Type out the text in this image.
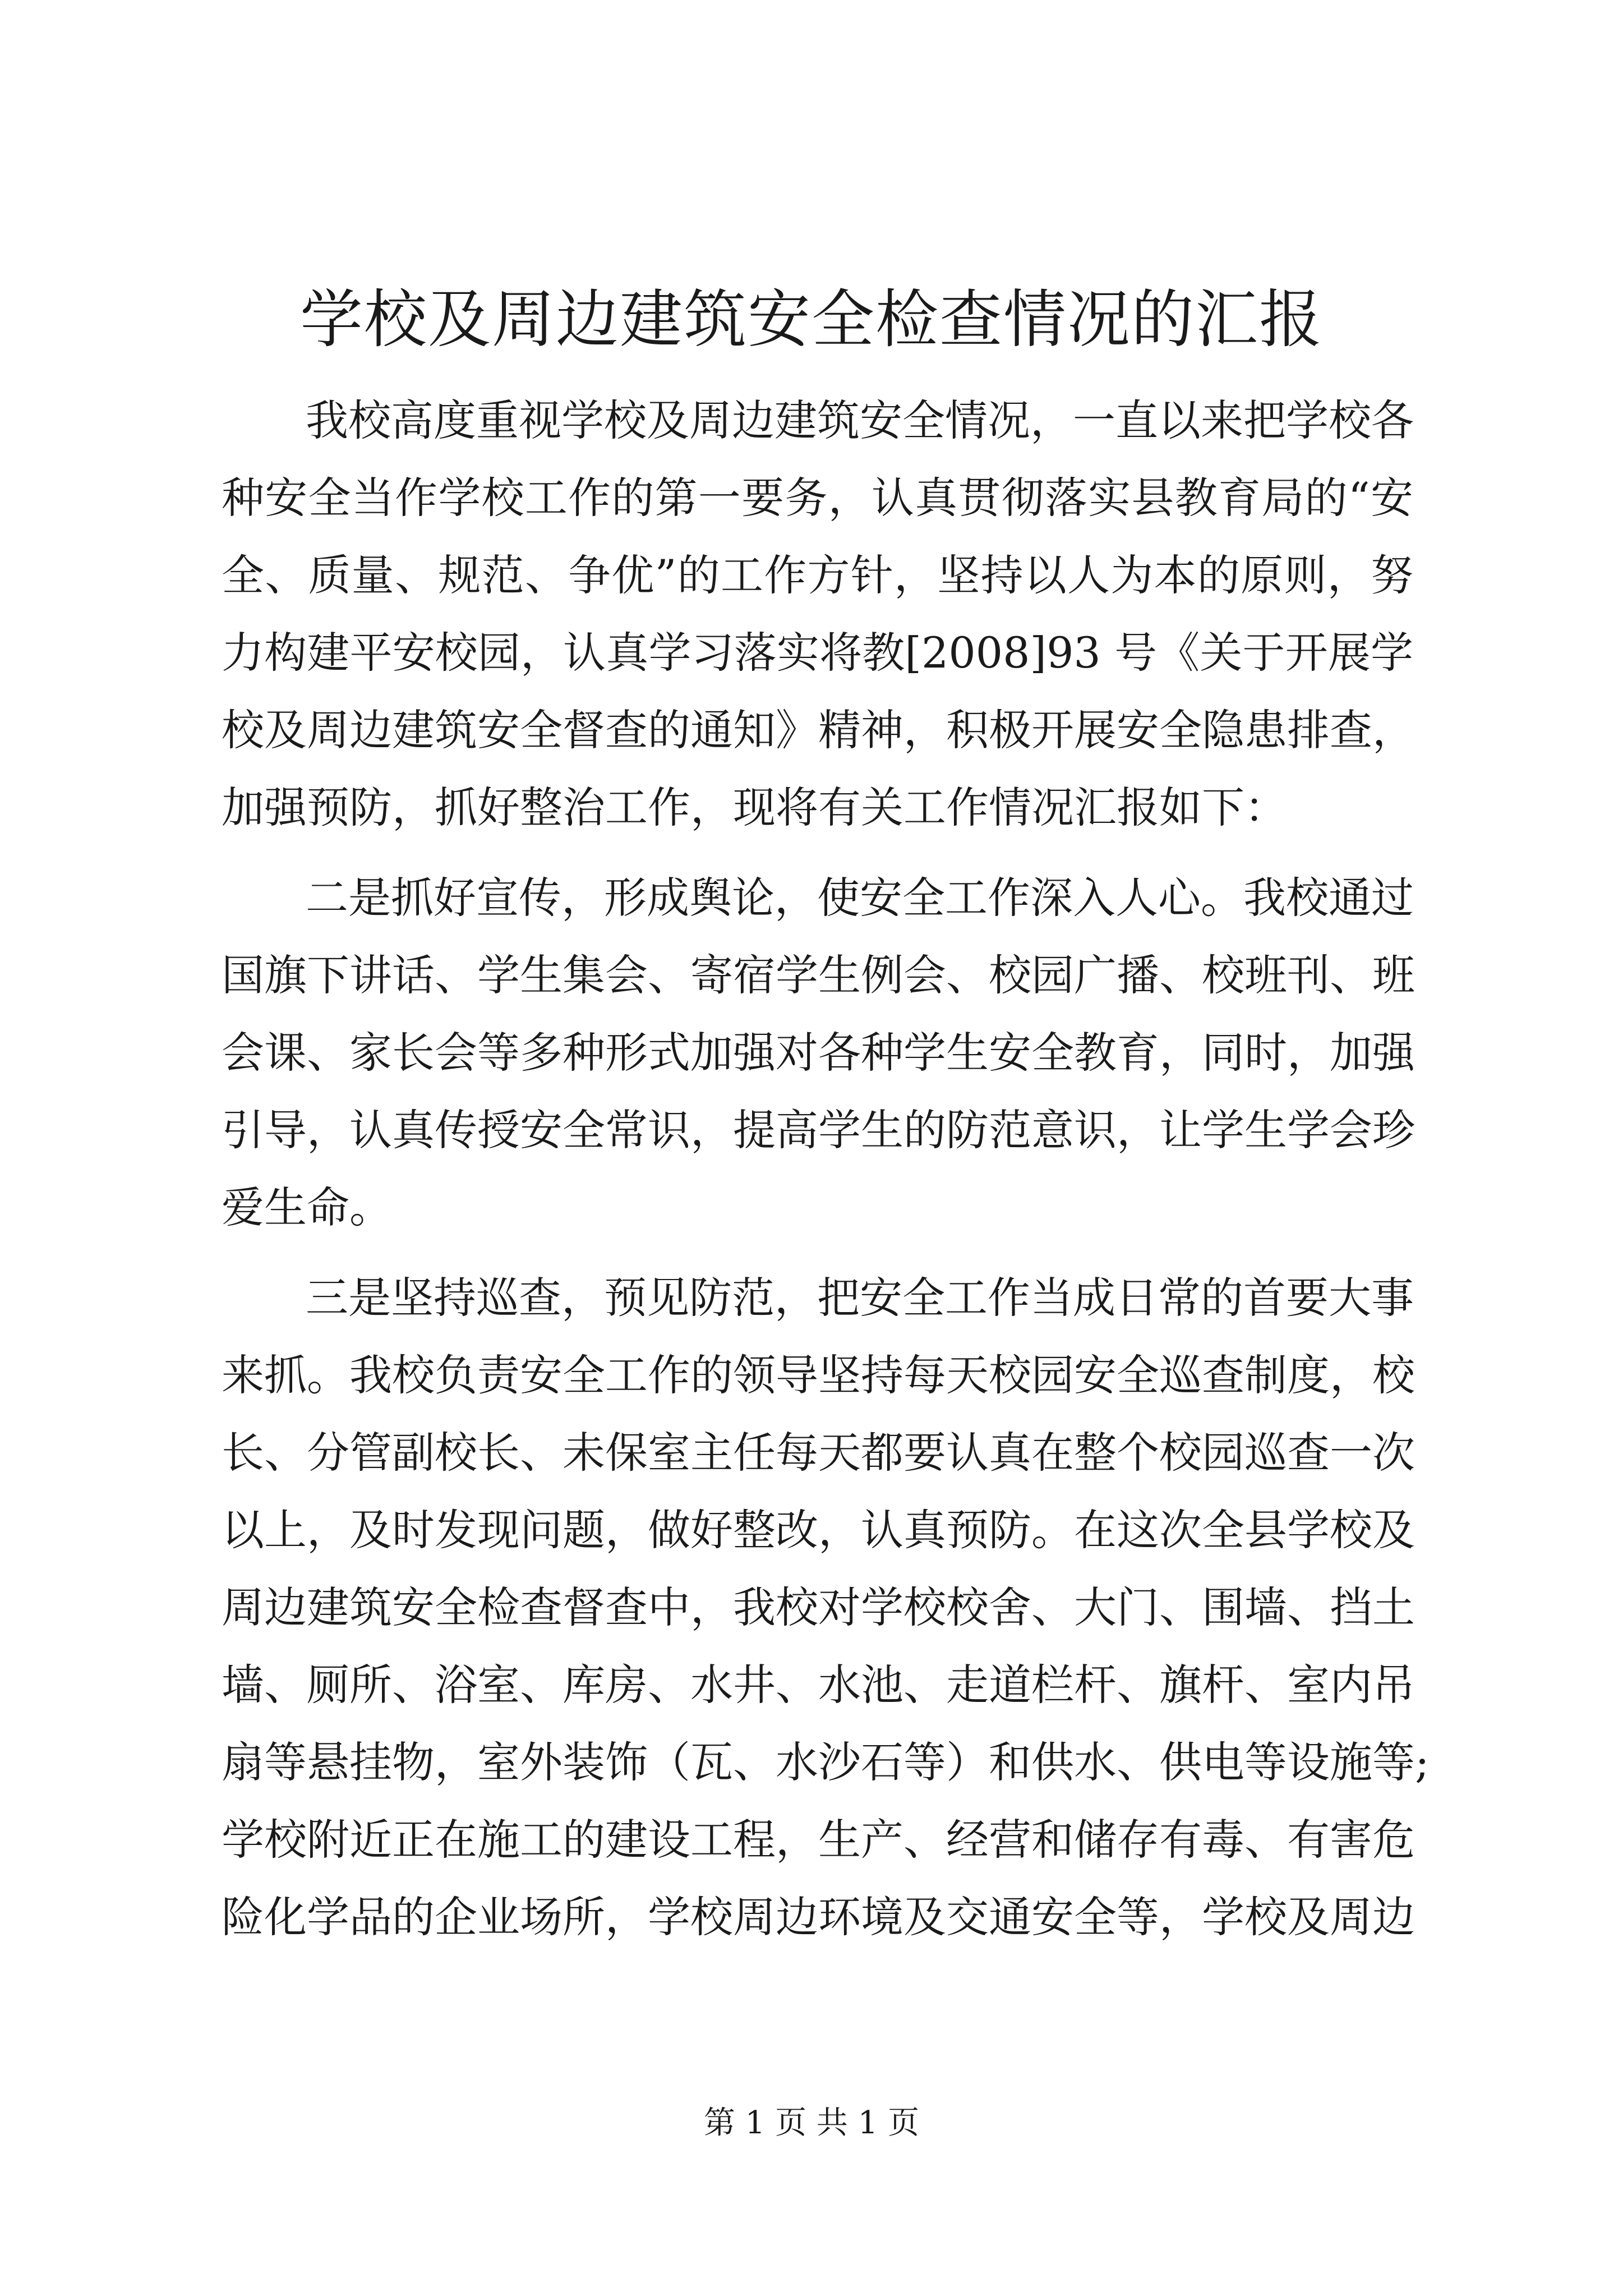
学校及周边建筑安全检查情况的汇报
我校高度重视学校及周边建筑安全情况，一直以来把学校各
种安全当作学校工作的第一要务，认真贯彻落实县教育局的“安
全、质量、规范、争优”的工作方针，坚持以人为本的原则，努
力构建平安校园，认真学习落实将教[2008]93 号《关于开展学
校及周边建筑安全督查的通知》精神，积极开展安全隐患排查，
加强预防，抓好整治工作，现将有关工作情况汇报如下：
二是抓好宣传，形成舆论，使安全工作深入人心。我校通过
国旗下讲话、学生集会、寄宿学生例会、校园广播、校班刊、班
会课、家长会等多种形式加强对各种学生安全教育，同时，加强
引导，认真传授安全常识，提高学生的防范意识，让学生学会珍
爱生命。
三是坚持巡查，预见防范，把安全工作当成日常的首要大事
来抓。我校负责安全工作的领导坚持每天校园安全巡查制度，校
长、分管副校长、未保室主任每天都要认真在整个校园巡查一次
以上，及时发现问题，做好整改，认真预防。在这次全县学校及
周边建筑安全检查督查中，我校对学校校舍、大门、围墙、挡土
墙、厕所、浴室、库房、水井、水池、走道栏杆、旗杆、室内吊
扇等悬挂物，室外装饰（瓦、水沙石等）和供水、供电等设施等;
学校附近正在施工的建设工程，生产、经营和储存有毒、有害危
险化学品的企业场所，学校周边环境及交通安全等，学校及周边
第 1 页 共 1 页
